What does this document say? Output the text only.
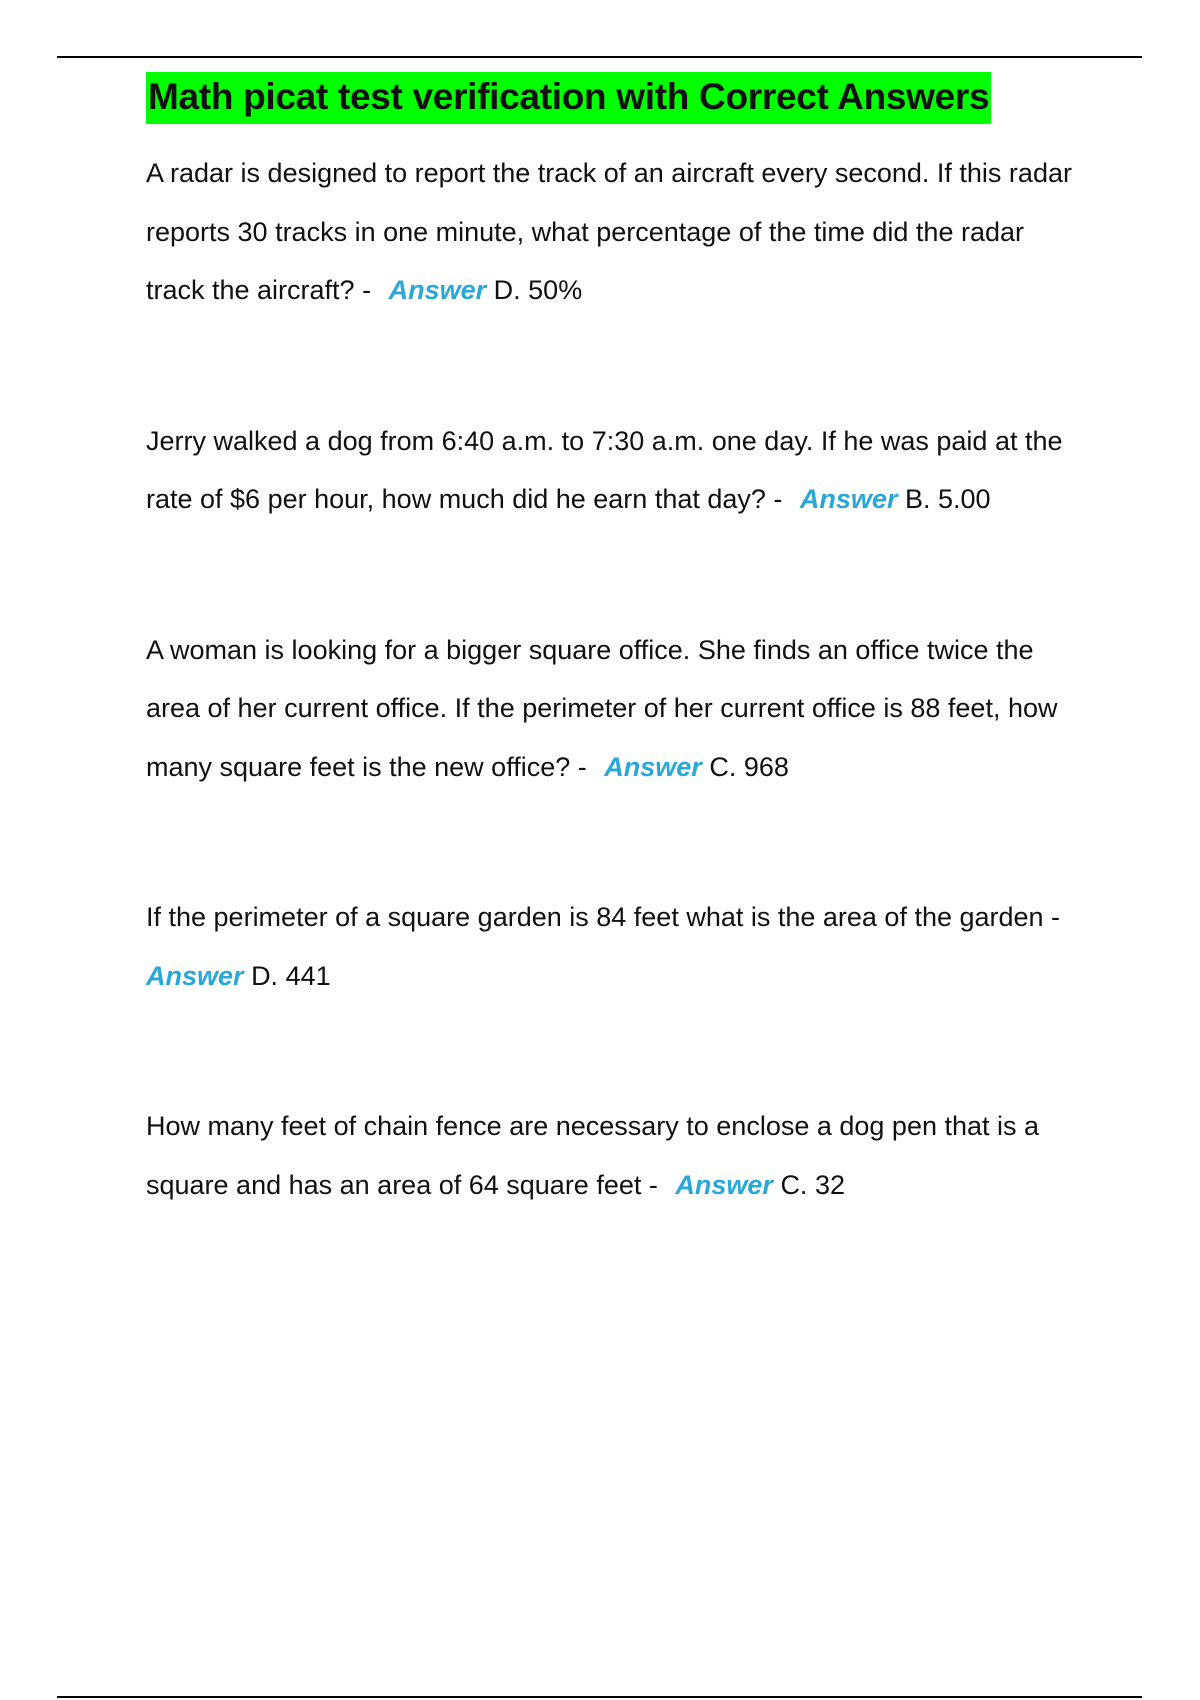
Math picat test verification with Correct Answers

A radar is designed to report the track of an aircraft every second. If this radar reports 30 tracks in one minute, what percentage of the time did the radar track the aircraft? - Answer D. 50%

Jerry walked a dog from 6:40 a.m. to 7:30 a.m. one day. If he was paid at the rate of $6 per hour, how much did he earn that day? - Answer B. 5.00

A woman is looking for a bigger square office. She finds an office twice the area of her current office. If the perimeter of her current office is 88 feet, how many square feet is the new office? - Answer C. 968

If the perimeter of a square garden is 84 feet what is the area of the garden - Answer D. 441

How many feet of chain fence are necessary to enclose a dog pen that is a square and has an area of 64 square feet - Answer C. 32
